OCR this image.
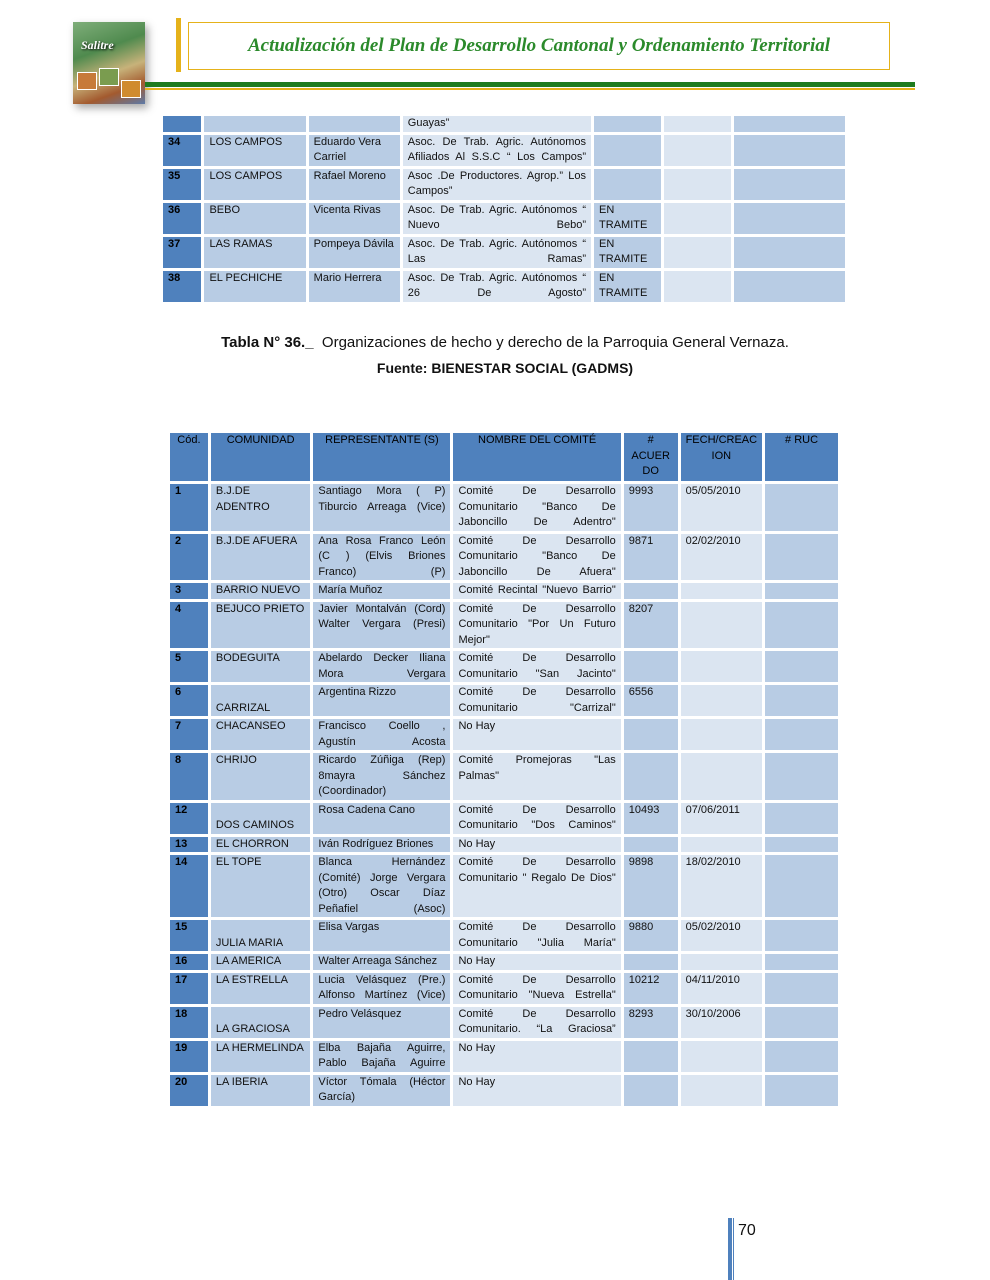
Salitre	Actualización del Plan de Desarrollo Cantonal y Ordenamiento Territorial
			Guayas”			
34	LOS CAMPOS	Eduardo Vera Carriel	Asoc. De Trab. Agric. Autónomos Afiliados Al S.S.C “ Los Campos”			
35	LOS CAMPOS	Rafael Moreno	Asoc .De Productores. Agrop.” Los Campos”			
36	BEBO	Vicenta Rivas	Asoc. De Trab. Agric. Autónomos “ Nuevo Bebo”	EN TRAMITE		
37	LAS RAMAS	Pompeya Dávila	Asoc. De Trab. Agric. Autónomos “ Las Ramas”	EN TRAMITE		
38	EL PECHICHE	Mario Herrera	Asoc. De Trab. Agric. Autónomos “ 26 De Agosto”	EN TRAMITE		
Tabla N° 36._ Organizaciones de hecho y derecho de la Parroquia General Vernaza.
Fuente: BIENESTAR SOCIAL (GADMS)
Cód.	COMUNIDAD	REPRESENTANTE (S)	NOMBRE DEL COMITÉ	# ACUER DO	FECH/CREAC ION	# RUC
1	B.J.DE ADENTRO	Santiago Mora ( P) Tiburcio Arreaga (Vice)	Comité De Desarrollo Comunitario "Banco De Jaboncillo De Adentro"	9993	05/05/2010	
2	B.J.DE AFUERA	Ana Rosa Franco León (C ) (Elvis Briones Franco) (P)	Comité De Desarrollo Comunitario "Banco De Jaboncillo De Afuera"	9871	02/02/2010	
3	BARRIO NUEVO	María Muñoz	Comité Recintal "Nuevo Barrio"			
4	BEJUCO PRIETO	Javier Montalván (Cord) Walter Vergara (Presi)	Comité De Desarrollo Comunitario "Por Un Futuro Mejor"	8207		
5	BODEGUITA	Abelardo Decker Iliana Mora Vergara	Comité De Desarrollo Comunitario "San Jacinto"			
6	CARRIZAL	Argentina Rizzo	Comité De Desarrollo Comunitario "Carrizal"	6556		
7	CHACANSEO	Francisco Coello , Agustín Acosta	No Hay			
8	CHRIJO	Ricardo Zúñiga (Rep) 8mayra Sánchez (Coordinador)	Comité Promejoras "Las Palmas"			
12	DOS CAMINOS	Rosa Cadena Cano	Comité De Desarrollo Comunitario "Dos Caminos"	10493	07/06/2011	
13	EL CHORRON	Iván Rodríguez Briones	No Hay			
14	EL TOPE	Blanca Hernández (Comité) Jorge Vergara (Otro) Oscar Díaz Peñafiel (Asoc)	Comité De Desarrollo Comunitario " Regalo De Dios"	9898	18/02/2010	
15	JULIA MARIA	Elisa Vargas	Comité De Desarrollo Comunitario "Julia María"	9880	05/02/2010	
16	LA AMERICA	Walter Arreaga Sánchez	No Hay			
17	LA ESTRELLA	Lucia Velásquez (Pre.) Alfonso Martínez (Vice)	Comité De Desarrollo Comunitario "Nueva Estrella"	10212	04/11/2010	
18	LA GRACIOSA	Pedro Velásquez	Comité De Desarrollo Comunitario. “La Graciosa”	8293	30/10/2006	
19	LA HERMELINDA	Elba Bajaña Aguirre, Pablo Bajaña Aguirre	No Hay			
20	LA IBERIA	Víctor Tómala (Héctor García)	No Hay			
70
